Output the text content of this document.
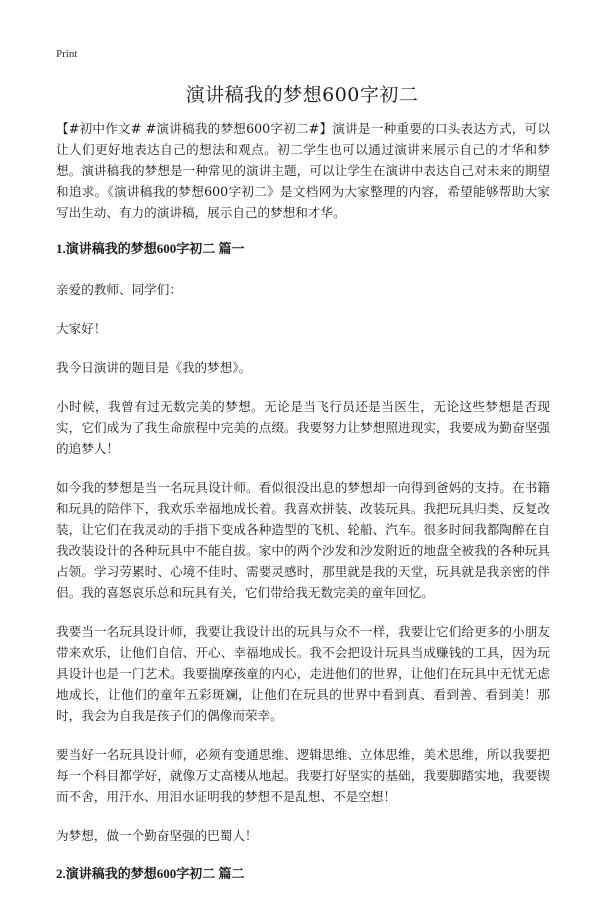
Print
演讲稿我的梦想600字初二

【#初中作文# #演讲稿我的梦想600字初二#】演讲是一种重要的口头表达方式，可以让人们更好地表达自己的想法和观点。初二学生也可以通过演讲来展示自己的才华和梦想。演讲稿我的梦想是一种常见的演讲主题，可以让学生在演讲中表达自己对未来的期望和追求。《演讲稿我的梦想600字初二》是文档网为大家整理的内容，希望能够帮助大家写出生动、有力的演讲稿，展示自己的梦想和才华。

1.演讲稿我的梦想600字初二 篇一

亲爱的教师、同学们：

大家好！

我今日演讲的题目是《我的梦想》。

小时候，我曾有过无数完美的梦想。无论是当飞行员还是当医生，无论这些梦想是否现实，它们成为了我生命旅程中完美的点缀。我要努力让梦想照进现实，我要成为勤奋坚强的追梦人！

如今我的梦想是当一名玩具设计师。看似很没出息的梦想却一向得到爸妈的支持。在书籍和玩具的陪伴下，我欢乐幸福地成长着。我喜欢拼装、改装玩具。我把玩具归类、反复改装，让它们在我灵动的手指下变成各种造型的飞机、轮船、汽车。很多时间我都陶醉在自我改装设计的各种玩具中不能自拔。家中的两个沙发和沙发附近的地盘全被我的各种玩具占领。学习劳累时、心境不佳时、需要灵感时，那里就是我的天堂，玩具就是我亲密的伴侣。我的喜怒哀乐总和玩具有关，它们带给我无数完美的童年回忆。

我要当一名玩具设计师，我要让我设计出的玩具与众不一样，我要让它们给更多的小朋友带来欢乐，让他们自信、开心、幸福地成长。我不会把设计玩具当成赚钱的工具，因为玩具设计也是一门艺术。我要揣摩孩童的内心，走进他们的世界，让他们在玩具中无忧无虑地成长，让他们的童年五彩斑斓，让他们在玩具的世界中看到真、看到善、看到美！那时，我会为自我是孩子们的偶像而荣幸。

要当好一名玩具设计师，必须有变通思维、逻辑思维、立体思维，美术思维，所以我要把每一个科目都学好，就像万丈高楼从地起。我要打好坚实的基础，我要脚踏实地，我要锲而不舍，用汗水、用泪水证明我的梦想不是乱想、不是空想！

为梦想，做一个勤奋坚强的巴蜀人！

2.演讲稿我的梦想600字初二 篇二
